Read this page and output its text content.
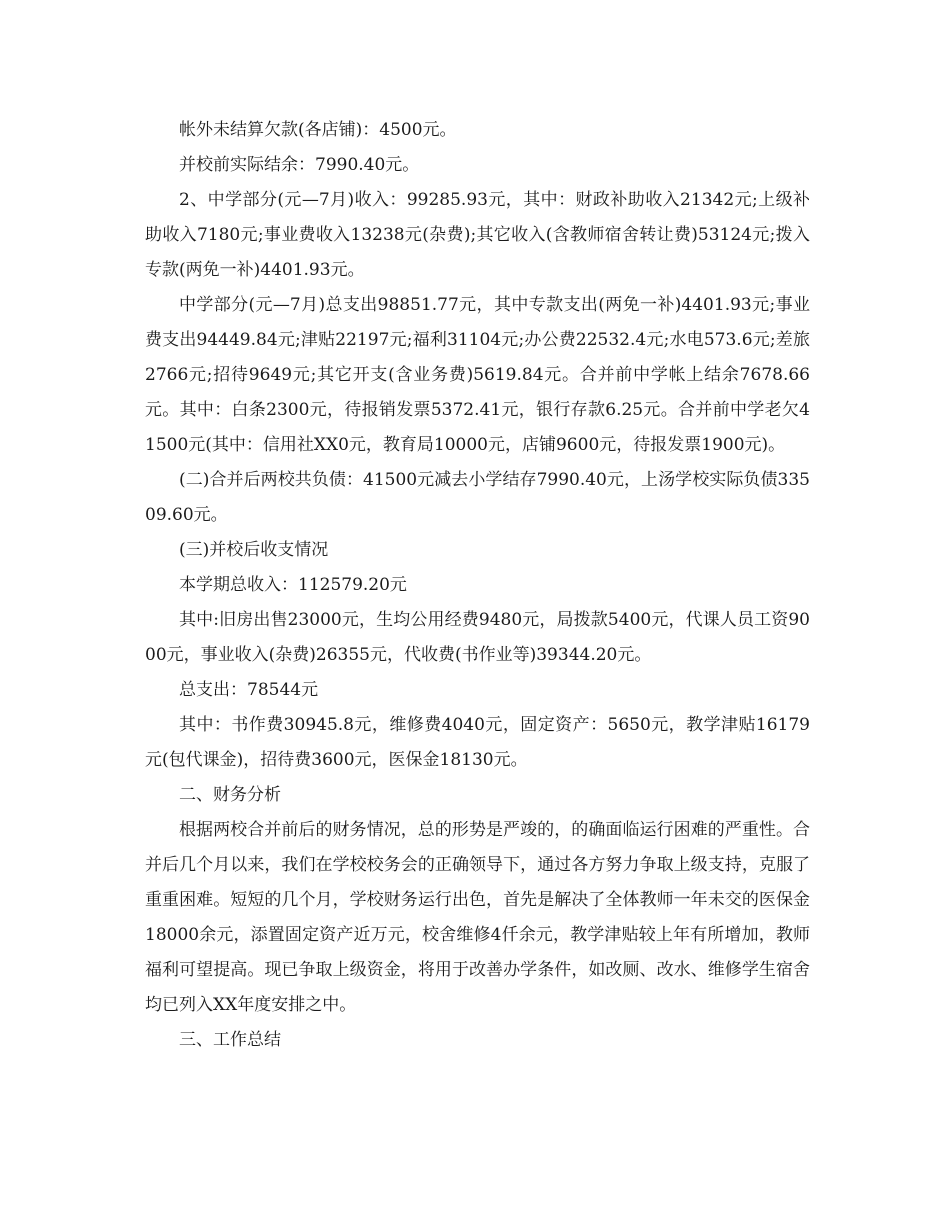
帐外未结算欠款(各店铺)：4500元。

并校前实际结余：7990.40元。

2、中学部分(元—7月)收入：99285.93元，其中：财政补助收入21342元;上级补助收入7180元;事业费收入13238元(杂费);其它收入(含教师宿舍转让费)53124元;拨入专款(两免一补)4401.93元。

中学部分(元—7月)总支出98851.77元，其中专款支出(两免一补)4401.93元;事业费支出94449.84元;津贴22197元;福利31104元;办公费22532.4元;水电573.6元;差旅2766元;招待9649元;其它开支(含业务费)5619.84元。合并前中学帐上结余7678.66元。其中：白条2300元，待报销发票5372.41元，银行存款6.25元。合并前中学老欠41500元(其中：信用社XX0元，教育局10000元，店铺9600元，待报发票1900元)。

(二)合并后两校共负债：41500元减去小学结存7990.40元，上汤学校实际负债33509.60元。

(三)并校后收支情况

本学期总收入：112579.20元

其中:旧房出售23000元，生均公用经费9480元，局拨款5400元，代课人员工资9000元，事业收入(杂费)26355元，代收费(书作业等)39344.20元。

总支出：78544元

其中：书作费30945.8元，维修费4040元，固定资产：5650元，教学津贴16179元(包代课金)，招待费3600元，医保金18130元。

二、财务分析

根据两校合并前后的财务情况，总的形势是严竣的，的确面临运行困难的严重性。合并后几个月以来，我们在学校校务会的正确领导下，通过各方努力争取上级支持，克服了重重困难。短短的几个月，学校财务运行出色，首先是解决了全体教师一年未交的医保金18000余元，添置固定资产近万元，校舍维修4仟余元，教学津贴较上年有所增加，教师福利可望提高。现已争取上级资金，将用于改善办学条件，如改厕、改水、维修学生宿舍均已列入XX年度安排之中。

三、工作总结
